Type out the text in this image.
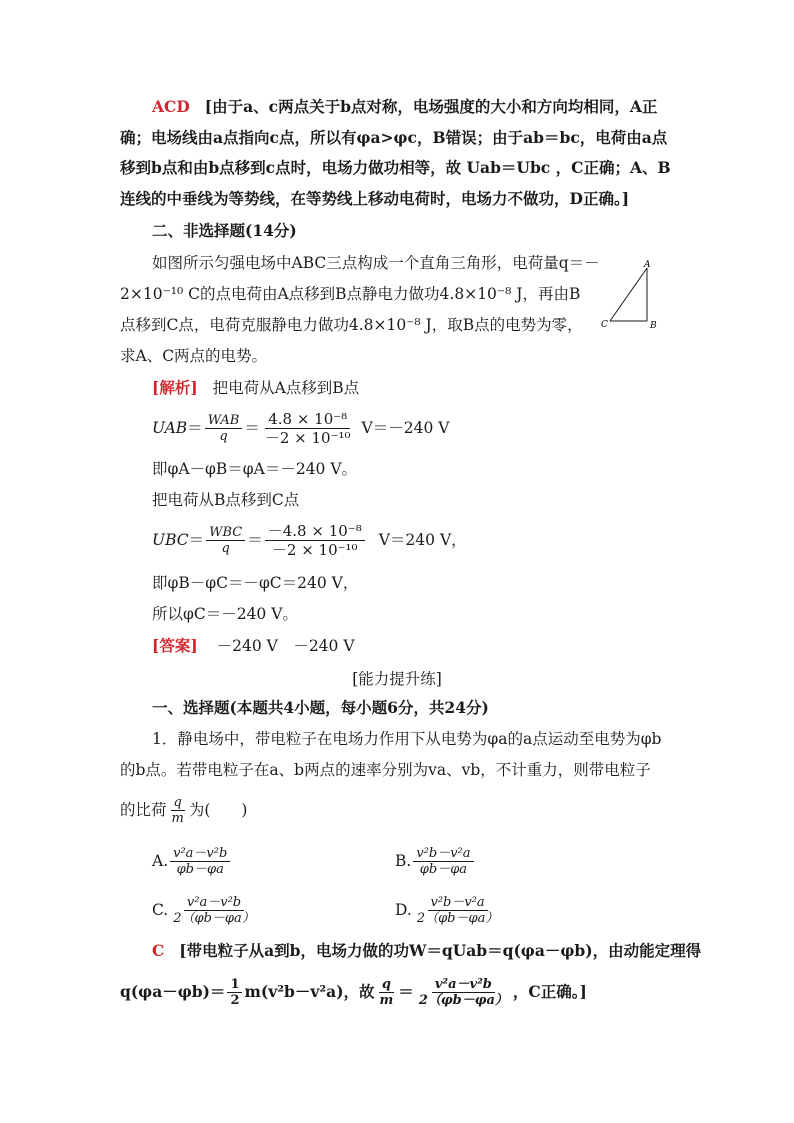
ACD [由于a、c两点关于b点对称，电场强度的大小和方向均相同，A正
确；电场线由a点指向c点，所以有φa>φc，B错误；由于ab＝bc，电荷由a点
移到b点和由b点移到c点时，电场力做功相等，故 Uab＝Ubc ，C正确；A、B
连线的中垂线为等势线，在等势线上移动电荷时，电场力不做功，D正确。]
二、非选择题(14分)
如图所示匀强电场中ABC三点构成一个直角三角形，电荷量q＝－
2×10⁻¹⁰ C的点电荷由A点移到B点静电力做功4.8×10⁻⁸ J，再由B
点移到C点，电荷克服静电力做功4.8×10⁻⁸ J，取B点的电势为零，
求A、C两点的电势。
A
B
C
[解析] 把电荷从A点移到B点
UAB ＝ $\frac{\text{WAB}}{q} = \frac{\text{4.8 × 10⁻⁸}}{\text{－2 × 10⁻¹⁰}} V=-240$ V
即φA－φB＝φA＝－240 V。
把电荷从B点移到C点
UBC ＝ $\frac{\text{WBC}}{q} = \frac{\text{－4.8 × 10⁻⁸}}{\text{－2 × 10⁻¹⁰}} V=240$ V，
即φB－φC＝－φC＝240 V，
所以φC＝－240 V。
[答案] －240 V　－240 V
[能力提升练]
一、选择题(本题共4小题，每小题6分，共24分)
1．静电场中，带电粒子在电场力作用下从电势为φa的a点运动至电势为φb
的b点。若带电粒子在a、b两点的速率分别为va、vb，不计重力，则带电粒子
的比荷 $\frac{q}{m}$ 为(　　)
A. $\frac{\text{v²a－v²b}}{\varphi b-\varphi a}$	B. $\frac{\text{v²b－v²a}}{\varphi b-\varphi a}$
C. $\frac{\text{v²a－v²b}}{2(\varphi b-\varphi a)}$	D. $\frac{\text{v²b－v²a}}{2(\varphi b-\varphi a)}$
C [带电粒子从a到b，电场力做的功W＝qUab＝q(φa－φb)，由动能定理得
$q(\varphi a-\varphi b)= \frac{1}{2} m(v^2b-v^2a)$，故 $\frac{q}{m} = \frac{\text{v²a－v²b}}{2(\varphi b-\varphi a)}$ ，C正确。]
